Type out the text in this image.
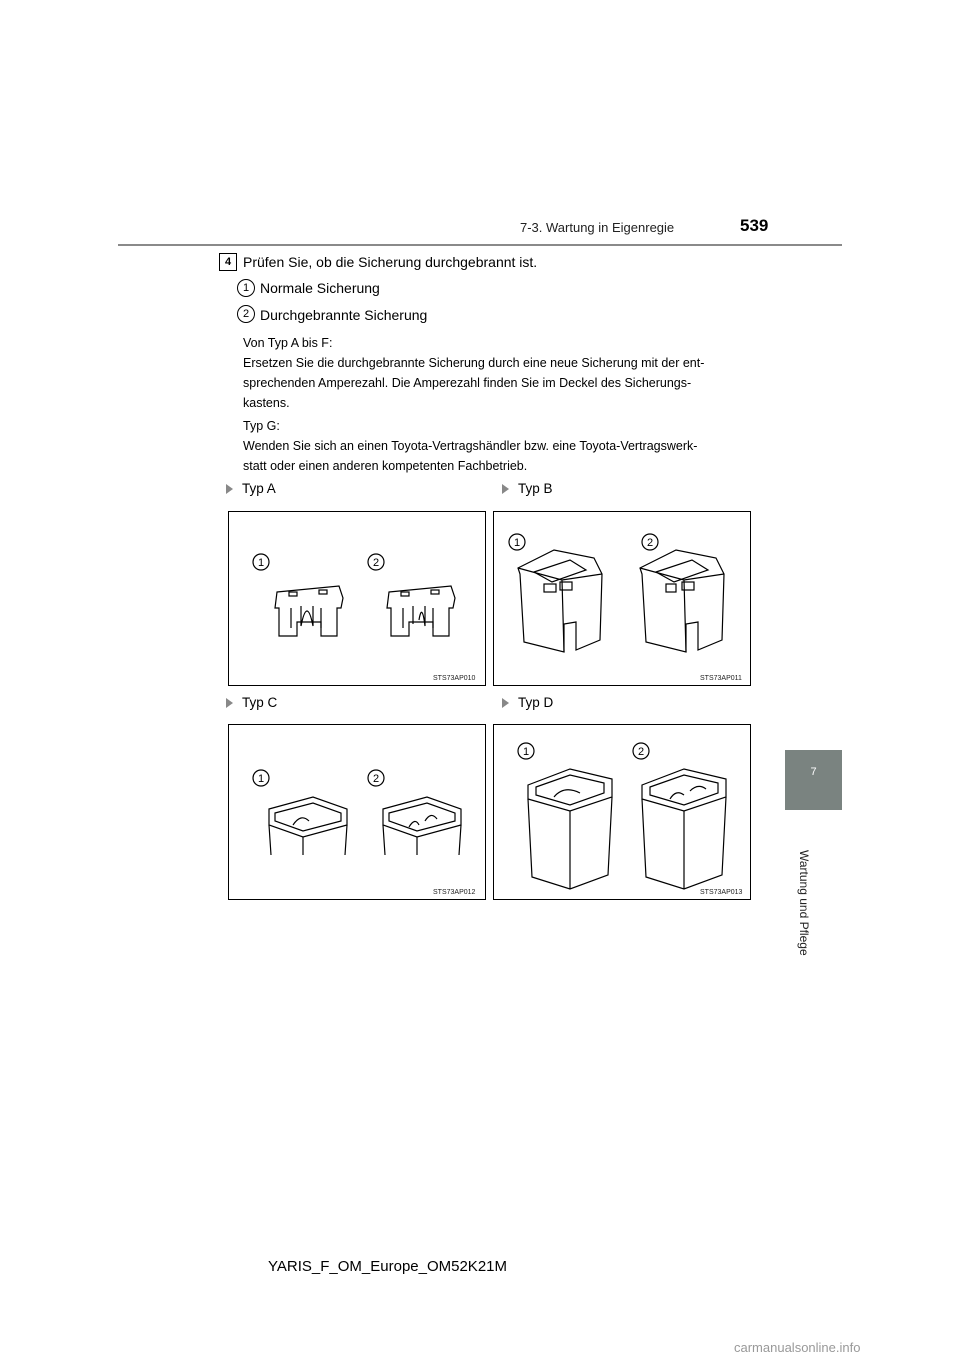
7-3. Wartung in Eigenregie	539
7
Wartung und Pflege
4 Prüfen Sie, ob die Sicherung durchgebrannt ist.
1 Normale Sicherung
2 Durchgebrannte Sicherung
Von Typ A bis F:
Ersetzen Sie die durchgebrannte Sicherung durch eine neue Sicherung mit der ent-
sprechenden Amperezahl. Die Amperezahl finden Sie im Deckel des Sicherungs-
kastens.
Typ G:
Wenden Sie sich an einen Toyota-Vertragshändler bzw. eine Toyota-Vertragswerk-
statt oder einen anderen kompetenten Fachbetrieb.
Typ A	Typ B
Typ C	Typ D
1	2
STS73AP010
1	2
STS73AP011
1	2
STS73AP012
1	2
STS73AP013
YARIS_F_OM_Europe_OM52K21M
carmanualsonline.info
